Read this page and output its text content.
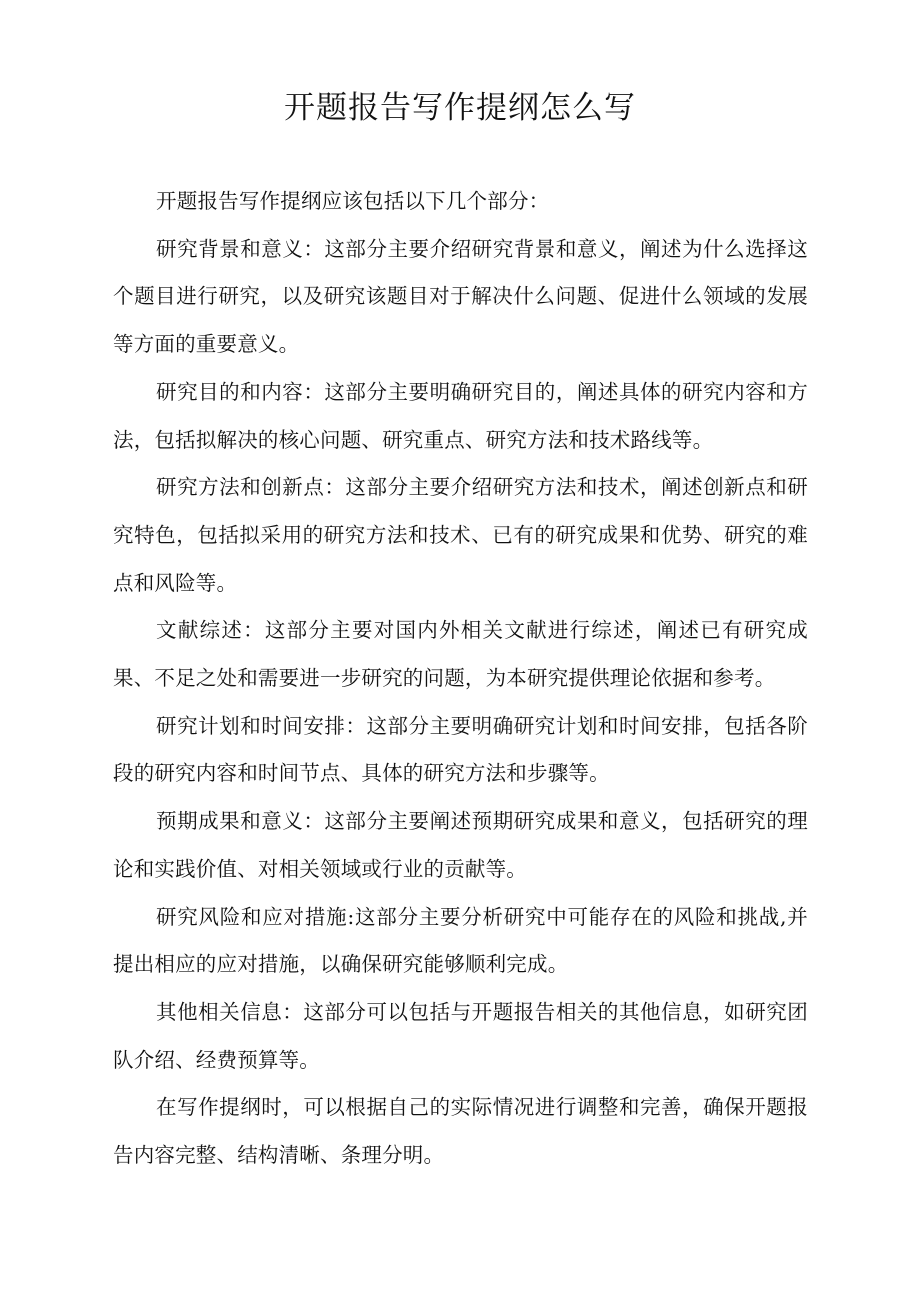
开题报告写作提纲怎么写

开题报告写作提纲应该包括以下几个部分：

研究背景和意义：这部分主要介绍研究背景和意义，阐述为什么选择这个题目进行研究，以及研究该题目对于解决什么问题、促进什么领域的发展等方面的重要意义。

研究目的和内容：这部分主要明确研究目的，阐述具体的研究内容和方法，包括拟解决的核心问题、研究重点、研究方法和技术路线等。

研究方法和创新点：这部分主要介绍研究方法和技术，阐述创新点和研究特色，包括拟采用的研究方法和技术、已有的研究成果和优势、研究的难点和风险等。

文献综述：这部分主要对国内外相关文献进行综述，阐述已有研究成果、不足之处和需要进一步研究的问题，为本研究提供理论依据和参考。

研究计划和时间安排：这部分主要明确研究计划和时间安排，包括各阶段的研究内容和时间节点、具体的研究方法和步骤等。

预期成果和意义：这部分主要阐述预期研究成果和意义，包括研究的理论和实践价值、对相关领域或行业的贡献等。

研究风险和应对措施:这部分主要分析研究中可能存在的风险和挑战,并提出相应的应对措施，以确保研究能够顺利完成。

其他相关信息：这部分可以包括与开题报告相关的其他信息，如研究团队介绍、经费预算等。

在写作提纲时，可以根据自己的实际情况进行调整和完善，确保开题报告内容完整、结构清晰、条理分明。
